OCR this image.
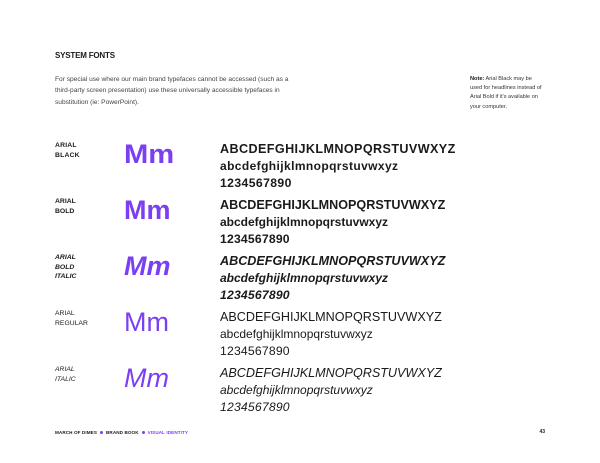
SYSTEM FONTS
For special use where our main brand typefaces cannot be accessed (such as a third-party screen presentation) use these universally accessible typefaces in substitution (ie: PowerPoint).
Note: Arial Black may be used for headlines instead of Arial Bold if it's available on your computer.
ARIAL
BLACK	Mm	ABCDEFGHIJKLMNOPQRSTUVWXYZ
abcdefghijklmnopqrstuvwxyz
1234567890
ARIAL
BOLD	Mm	ABCDEFGHIJKLMNOPQRSTUVWXYZ
abcdefghijklmnopqrstuvwxyz
1234567890
ARIAL
BOLD
ITALIC	Mm	ABCDEFGHIJKLMNOPQRSTUVWXYZ
abcdefghijklmnopqrstuvwxyz
1234567890
ARIAL
REGULAR	Mm	ABCDEFGHIJKLMNOPQRSTUVWXYZ
abcdefghijklmnopqrstuvwxyz
1234567890
ARIAL
ITALIC	Mm	ABCDEFGHIJKLMNOPQRSTUVWXYZ
abcdefghijklmnopqrstuvwxyz
1234567890
MARCH OF DIMES BRAND BOOK VISUAL IDENTITY	43
